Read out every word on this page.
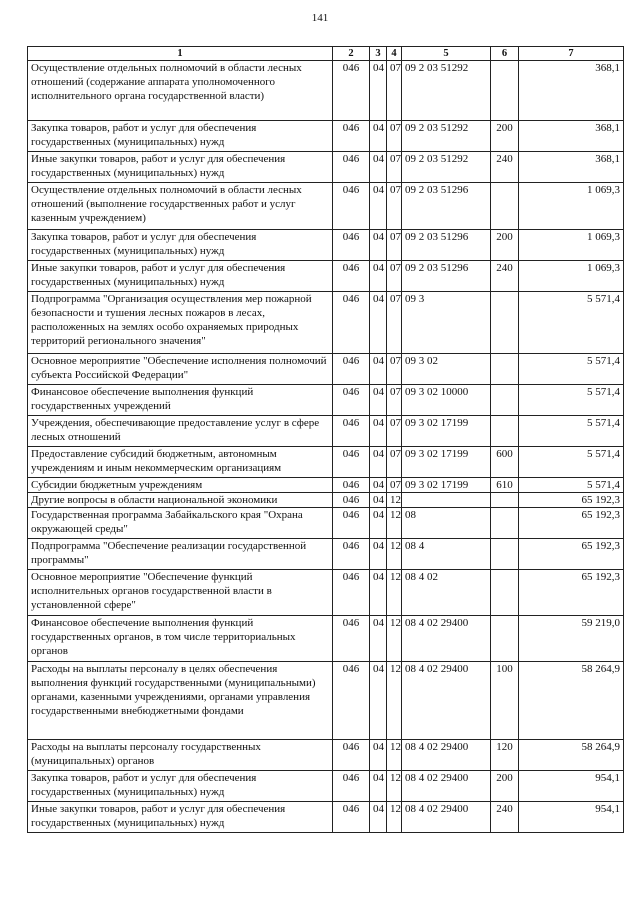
141
1	2	3	4	5	6	7
Осуществление отдельных полномочий в области лесных отношений (содержание аппарата уполномоченного исполнительного органа государственной власти)	046	04	07	09 2 03 51292		368,1
Закупка товаров, работ и услуг для обеспечения государственных (муниципальных) нужд	046	04	07	09 2 03 51292	200	368,1
Иные закупки товаров, работ и услуг для обеспечения государственных (муниципальных) нужд	046	04	07	09 2 03 51292	240	368,1
Осуществление отдельных полномочий в области лесных отношений (выполнение государственных работ и услуг казенным учреждением)	046	04	07	09 2 03 51296		1 069,3
Закупка товаров, работ и услуг для обеспечения государственных (муниципальных) нужд	046	04	07	09 2 03 51296	200	1 069,3
Иные закупки товаров, работ и услуг для обеспечения государственных (муниципальных) нужд	046	04	07	09 2 03 51296	240	1 069,3
Подпрограмма "Организация осуществления мер пожарной безопасности и тушения лесных пожаров в лесах, расположенных на землях особо охраняемых природных территорий регионального значения"	046	04	07	09 3		5 571,4
Основное мероприятие "Обеспечение исполнения полномочий субъекта Российской Федерации"	046	04	07	09 3 02		5 571,4
Финансовое обеспечение выполнения функций государственных учреждений	046	04	07	09 3 02 10000		5 571,4
Учреждения, обеспечивающие предоставление услуг в сфере лесных отношений	046	04	07	09 3 02 17199		5 571,4
Предоставление субсидий бюджетным, автономным учреждениям и иным некоммерческим организациям	046	04	07	09 3 02 17199	600	5 571,4
Субсидии бюджетным учреждениям	046	04	07	09 3 02 17199	610	5 571,4
Другие вопросы в области национальной экономики	046	04	12			65 192,3
Государственная программа Забайкальского края "Охрана окружающей среды"	046	04	12	08		65 192,3
Подпрограмма "Обеспечение реализации государственной программы"	046	04	12	08 4		65 192,3
Основное мероприятие "Обеспечение функций исполнительных органов государственной власти в установленной сфере"	046	04	12	08 4 02		65 192,3
Финансовое обеспечение выполнения функций государственных органов, в том числе территориальных органов	046	04	12	08 4 02 29400		59 219,0
Расходы на выплаты персоналу в целях обеспечения выполнения функций государственными (муниципальными) органами, казенными учреждениями, органами управления государственными внебюджетными фондами	046	04	12	08 4 02 29400	100	58 264,9
Расходы на выплаты персоналу государственных (муниципальных) органов	046	04	12	08 4 02 29400	120	58 264,9
Закупка товаров, работ и услуг для обеспечения государственных (муниципальных) нужд	046	04	12	08 4 02 29400	200	954,1
Иные закупки товаров, работ и услуг для обеспечения государственных (муниципальных) нужд	046	04	12	08 4 02 29400	240	954,1
